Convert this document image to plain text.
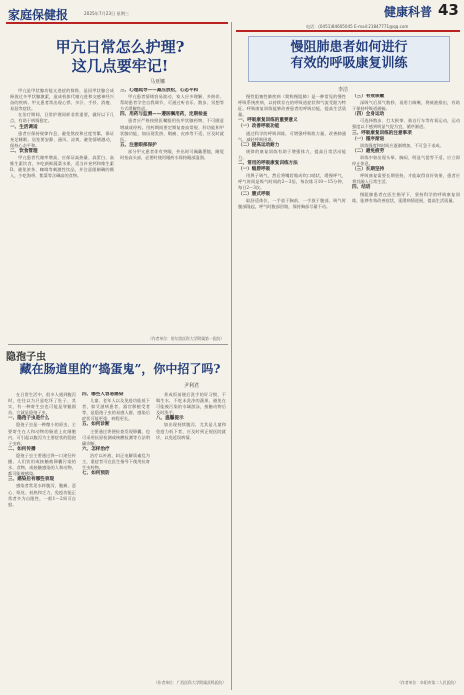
家庭保健报	2025年7月23日 星期三	健康科普 43
电话：(0451)84605045 E-mail:21847771@qq.com
甲亢日常怎么护理?
这几点要牢记!
马亚娜

甲亢是甲状腺功能亢进症的简称，是因甲状腺合成释放过多甲状腺激素，造成机体代谢亢进和交感神经兴奋的疾病。甲亢患者常出现心悸、多汗、手抖、消瘦、易怒等症状。

在治疗期间，日常护理同样非常重要，做好以下几点，有助于病情稳定。

一、生活调适

患者应保持规律作息，避免熬夜和过度劳累，保证充足睡眠。居室要安静、通风、凉爽，避免情绪激动，保持心态平和。

二、饮食管理

甲亢患者代谢率增高，应保证高热量、高蛋白、高维生素饮食，多吃新鲜蔬菜水果，适当补充钙和维生素D。避免浓茶、咖啡等刺激性饮品，并注意限制碘的摄入，少吃海带、紫菜等含碘高的食物。

三、心理疏导——减压放松，心态平和

甲亢患者情绪容易波动，家人应多理解、多陪伴，帮助患者学会自我调节，可通过听音乐、散步、冥想等方式缓解焦虑。

四、用药与监测——遵医嘱用药，定期检查

患者应严格按照医嘱服用抗甲状腺药物，不可随意增减或停药。用药期间要定期复查血常规、肝功能和甲状腺功能，如出现发热、咽痛、皮疹等不适，应及时就医。

五、注意眼部保护

部分甲亢患者伴有突眼，外出时可佩戴墨镜，睡觉时抬高头部，必要时使用眼药水保持眼部湿润。

（作者单位：哈尔滨医科大学附属第一医院）
隐孢子虫
藏在肠道里的“捣蛋鬼”，你中招了吗?
尹利君

在日常生活中，很多人遇到腹泻时，往往以为只是吃坏了肚子，其实，有一种寄生虫也可能是罪魁祸首，它就是隐孢子虫。

一、隐孢子虫是什么

隐孢子虫是一种微小的原虫，主要寄生在人和动物的肠道上皮细胞内，可引起以腹泻为主要症状的隐孢子虫病。

二、如何传播

隐孢子虫主要通过粪—口途径传播，人们饮用或接触被卵囊污染的水、食物，或接触感染的人和动物，都可能被感染。

三、感染后有哪些表现

感染者常见水样腹泻、腹痛、恶心、呕吐、低热和乏力，免疫功能正常者多为自限性，一般1～2周可自愈。

四、哪些人容易感染

儿童、老年人以及免疫功能低下者，如艾滋病患者、器官移植受者等，是隐孢子虫的易感人群，感染后症状可能更重、病程更长。

五、如何诊断

主要通过粪便检查发现卵囊，也可采用抗原检测或核酸检测等方法明确诊断。

六、怎样治疗

治疗以补液、纠正电解质紊乱为主，重症者可在医生指导下使用抗寄生虫药物。

七、如何预防

养成饭前便后洗手的好习惯，不喝生水，不吃未洗净的蔬果，避免在可能被污染的水域游泳，接触动物后及时洗手。

八、温馨提示

如出现持续腹泻，尤其是儿童和免疫力低下者，应及时到正规医院就诊，以免延误病情。

（作者单位：广西医科大学附属武鸣医院）
慢阻肺患者如何进行
有效的呼吸康复训练
李洁

慢性阻塞性肺疾病（简称慢阻肺）是一种常见的慢性呼吸系统疾病，以持续存在的呼吸道症状和气流受限为特征。呼吸康复训练能够改善患者的呼吸功能，提高生活质量。

一、呼吸康复训练的重要意义

（一）改善呼吸功能

通过科学的呼吸训练，可增强呼吸肌力量，改善肺通气，减轻呼吸困难。

（二）提高运动耐力

规律的康复训练有助于增强体力，提高日常活动能力。

二、常用的呼吸康复训练方法

（一）缩唇呼吸

用鼻子吸气，然后将嘴唇缩成吹口哨状，缓慢呼气，呼气时间是吸气时间的2～3倍，每次练习10～15分钟，每日2～3次。

（二）腹式呼吸

取舒适体位，一手放于胸前，一手放于腹部，吸气时腹部隆起，呼气时腹部回缩，保持胸部尽量不动。

（三）有效咳嗽

深吸气后屏气数秒，再用力咳嗽，将痰液排出，有助于保持呼吸道通畅。

（四）全身运动

可选择散步、打太极拳、骑自行车等有氧运动，运动强度以不感到明显气促为宜，循序渐进。

三、呼吸康复训练的注意事项

（一）循序渐进

训练强度和时间应逐渐增加，不可急于求成。

（二）避免疲劳

训练中如出现头晕、胸闷、明显气促等不适，应立即停止休息。

（三）长期坚持

呼吸康复需要长期坚持，才能取得良好效果，患者应将其融入日常生活。

四、结语

慢阻肺患者在医生指导下，坚持科学的呼吸康复训练，能够有效改善症状，延缓病情进展，提高生活质量。

（作者单位：阜阳市第二人民医院）
